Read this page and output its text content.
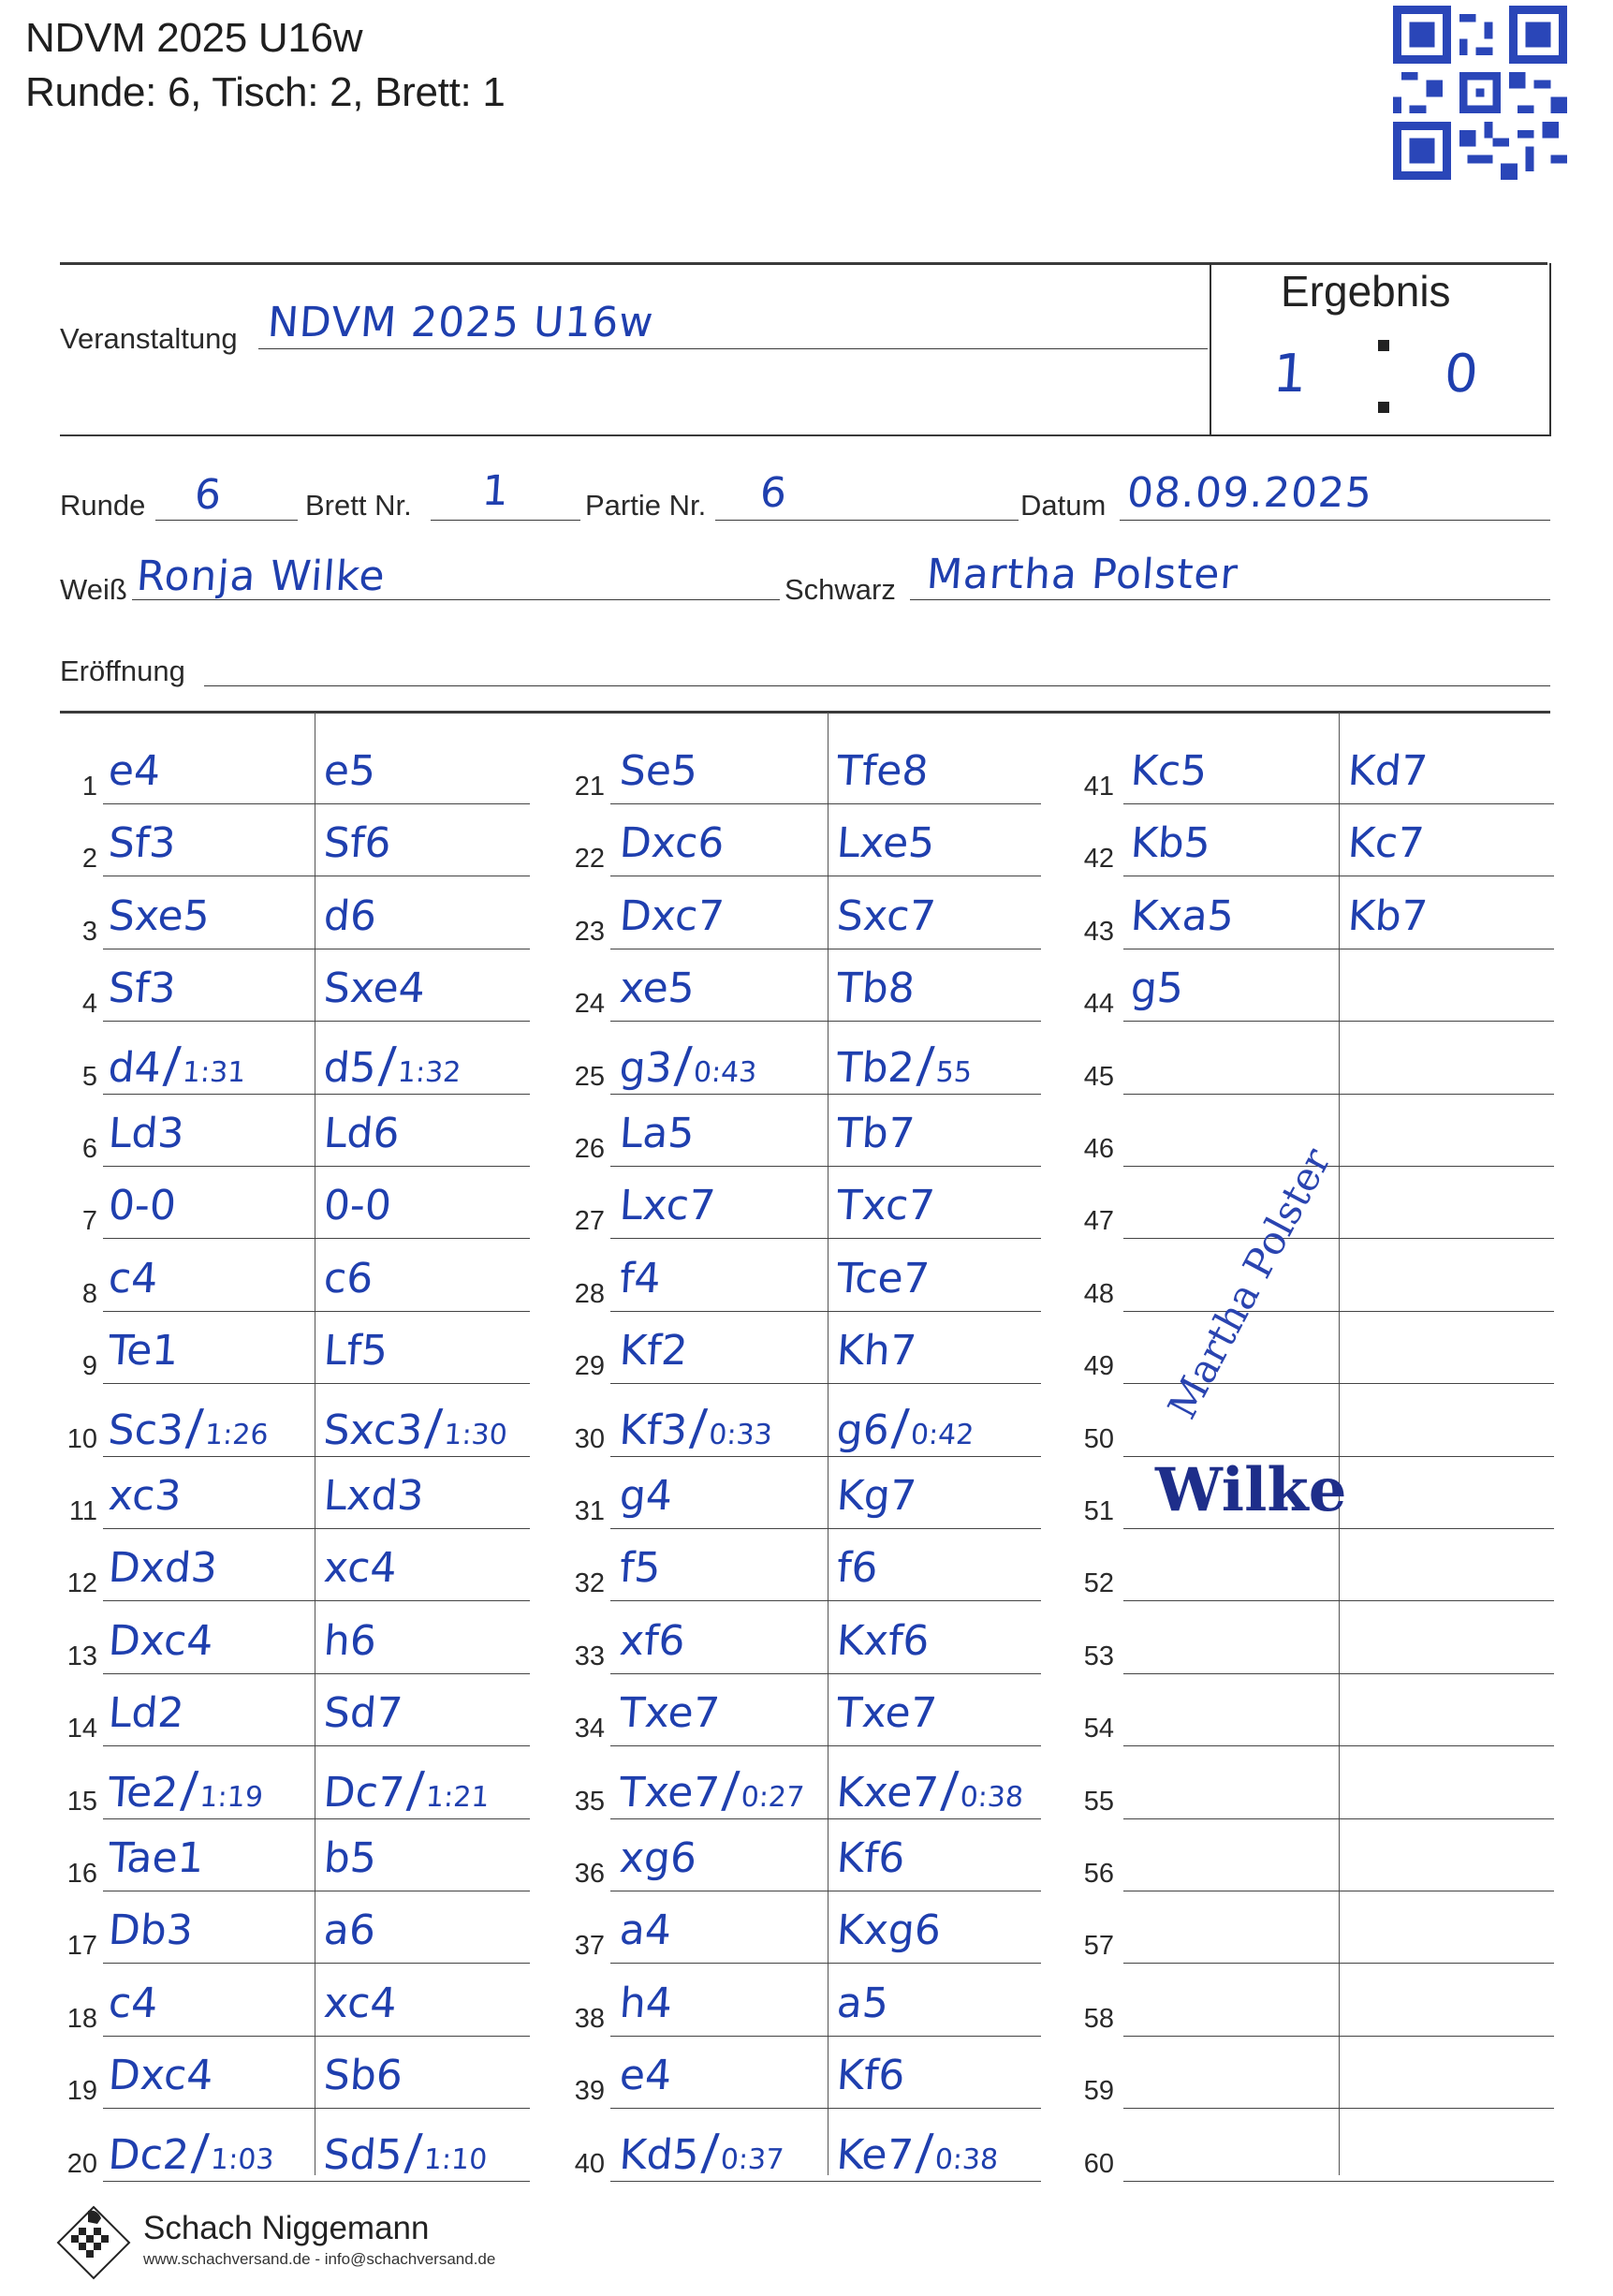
NDVM 2025 U16w
Runde: 6, Tisch: 2, Brett: 1
Ergebnis
1	0
Veranstaltung NDVM 2025 U16w
Runde 6	Brett Nr. 1	Partie Nr. 6	Datum 08.09.2025
Weiß Ronja Wilke	Schwarz Martha Polster
Eröffnung
1 e4	e5
2 Sf3	Sf6
3 Sxe5	d6
4 Sf3	Sxe4
5 d4/1:31 d5/1:32
6 Ld3	Ld6
7 0-0	0-0
8 c4	c6
9 Te1	Lf5
10 Sc3/1:26 Sxc3/1:30
11 xc3	Lxd3
12 Dxd3	xc4
13 Dxc4	h6
14 Ld2	Sd7
15 Te2/1:19 Dc7/1:21
16 Tae1	b5
17 Db3	a6
18 c4	xc4
19 Dxc4	Sb6
20 Dc2/1:03 Sd5/1:10
21 Se5	Tfe8
22 Dxc6	Lxe5
23 Dxc7	Sxc7
24 xe5	Tb8
25 g3/0:43 Tb2/55
26 La5	Tb7
27 Lxc7	Txc7
28 f4	Tce7
29 Kf2	Kh7
30 Kf3/0:33 g6/0:42
31 g4	Kg7
32 f5	f6
33 xf6	Kxf6
34 Txe7	Txe7
35 Txe7/0:27 Kxe7/0:38
36 xg6	Kf6
37 a4	Kxg6
38 h4	a5
39 e4	Kf6
40 Kd5/0:37 Ke7/0:38
41 Kc5	Kd7
42 Kb5	Kc7
43 Kxa5	Kb7
44 g5
45
46
47
48
49
50
51
52
53
54
55
56
57
58
59
60
Martha Polster
Wilke
Schach Niggemann
www.schachversand.de - info@schachversand.de
